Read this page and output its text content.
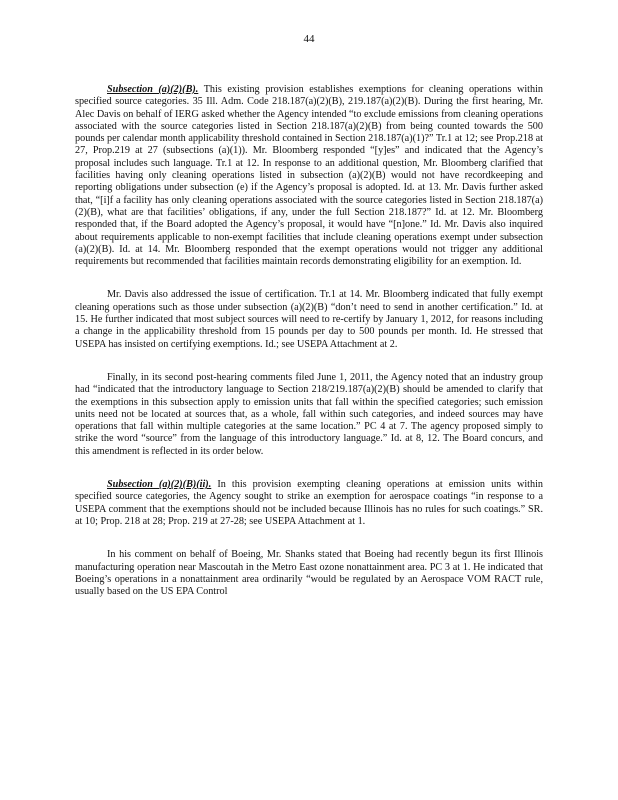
44

Subsection (a)(2)(B). This existing provision establishes exemptions for cleaning operations within specified source categories. 35 Ill. Adm. Code 218.187(a)(2)(B), 219.187(a)(2)(B). During the first hearing, Mr. Alec Davis on behalf of IERG asked whether the Agency intended “to exclude emissions from cleaning operations associated with the source categories listed in Section 218.187(a)(2)(B) from being counted towards the 500 pounds per calendar month applicability threshold contained in Section 218.187(a)(1)?” Tr.1 at 12; see Prop.218 at 27, Prop.219 at 27 (subsections (a)(1)). Mr. Bloomberg responded “[y]es” and indicated that the Agency’s proposal includes such language. Tr.1 at 12. In response to an additional question, Mr. Bloomberg clarified that facilities having only cleaning operations listed in subsection (a)(2)(B) would not have recordkeeping and reporting obligations under subsection (e) if the Agency’s proposal is adopted. Id. at 13. Mr. Davis further asked that, “[i]f a facility has only cleaning operations associated with the source categories listed in Section 218.187(a)(2)(B), what are that facilities’ obligations, if any, under the full Section 218.187?” Id. at 12. Mr. Bloomberg responded that, if the Board adopted the Agency’s proposal, it would have “[n]one.” Id. Mr. Davis also inquired about requirements applicable to non-exempt facilities that include cleaning operations exempt under subsection (a)(2)(B). Id. at 14. Mr. Bloomberg responded that the exempt operations would not trigger any additional requirements but recommended that facilities maintain records demonstrating eligibility for an exemption. Id.

Mr. Davis also addressed the issue of certification. Tr.1 at 14. Mr. Bloomberg indicated that fully exempt cleaning operations such as those under subsection (a)(2)(B) “don’t need to send in another certification.” Id. at 15. He further indicated that most subject sources will need to re-certify by January 1, 2012, for reasons including a change in the applicability threshold from 15 pounds per day to 500 pounds per month. Id. He stressed that USEPA has insisted on certifying exemptions. Id.; see USEPA Attachment at 2.

Finally, in its second post-hearing comments filed June 1, 2011, the Agency noted that an industry group had “indicated that the introductory language to Section 218/219.187(a)(2)(B) should be amended to clarify that the exemptions in this subsection apply to emission units that fall within the specified categories; such emission units need not be located at sources that, as a whole, fall within such categories, and indeed sources may have operations that fall within multiple categories at the same location.” PC 4 at 7. The agency proposed simply to strike the word “source” from the language of this introductory language.” Id. at 8, 12. The Board concurs, and this amendment is reflected in its order below.

Subsection (a)(2)(B)(ii). In this provision exempting cleaning operations at emission units within specified source categories, the Agency sought to strike an exemption for aerospace coatings “in response to a USEPA comment that the exemptions should not be included because Illinois has no rules for such coatings.” SR. at 10; Prop. 218 at 28; Prop. 219 at 27-28; see USEPA Attachment at 1.

In his comment on behalf of Boeing, Mr. Shanks stated that Boeing had recently begun its first Illinois manufacturing operation near Mascoutah in the Metro East ozone nonattainment area. PC 3 at 1. He indicated that Boeing’s operations in a nonattainment area ordinarily “would be regulated by an Aerospace VOM RACT rule, usually based on the US EPA Control
